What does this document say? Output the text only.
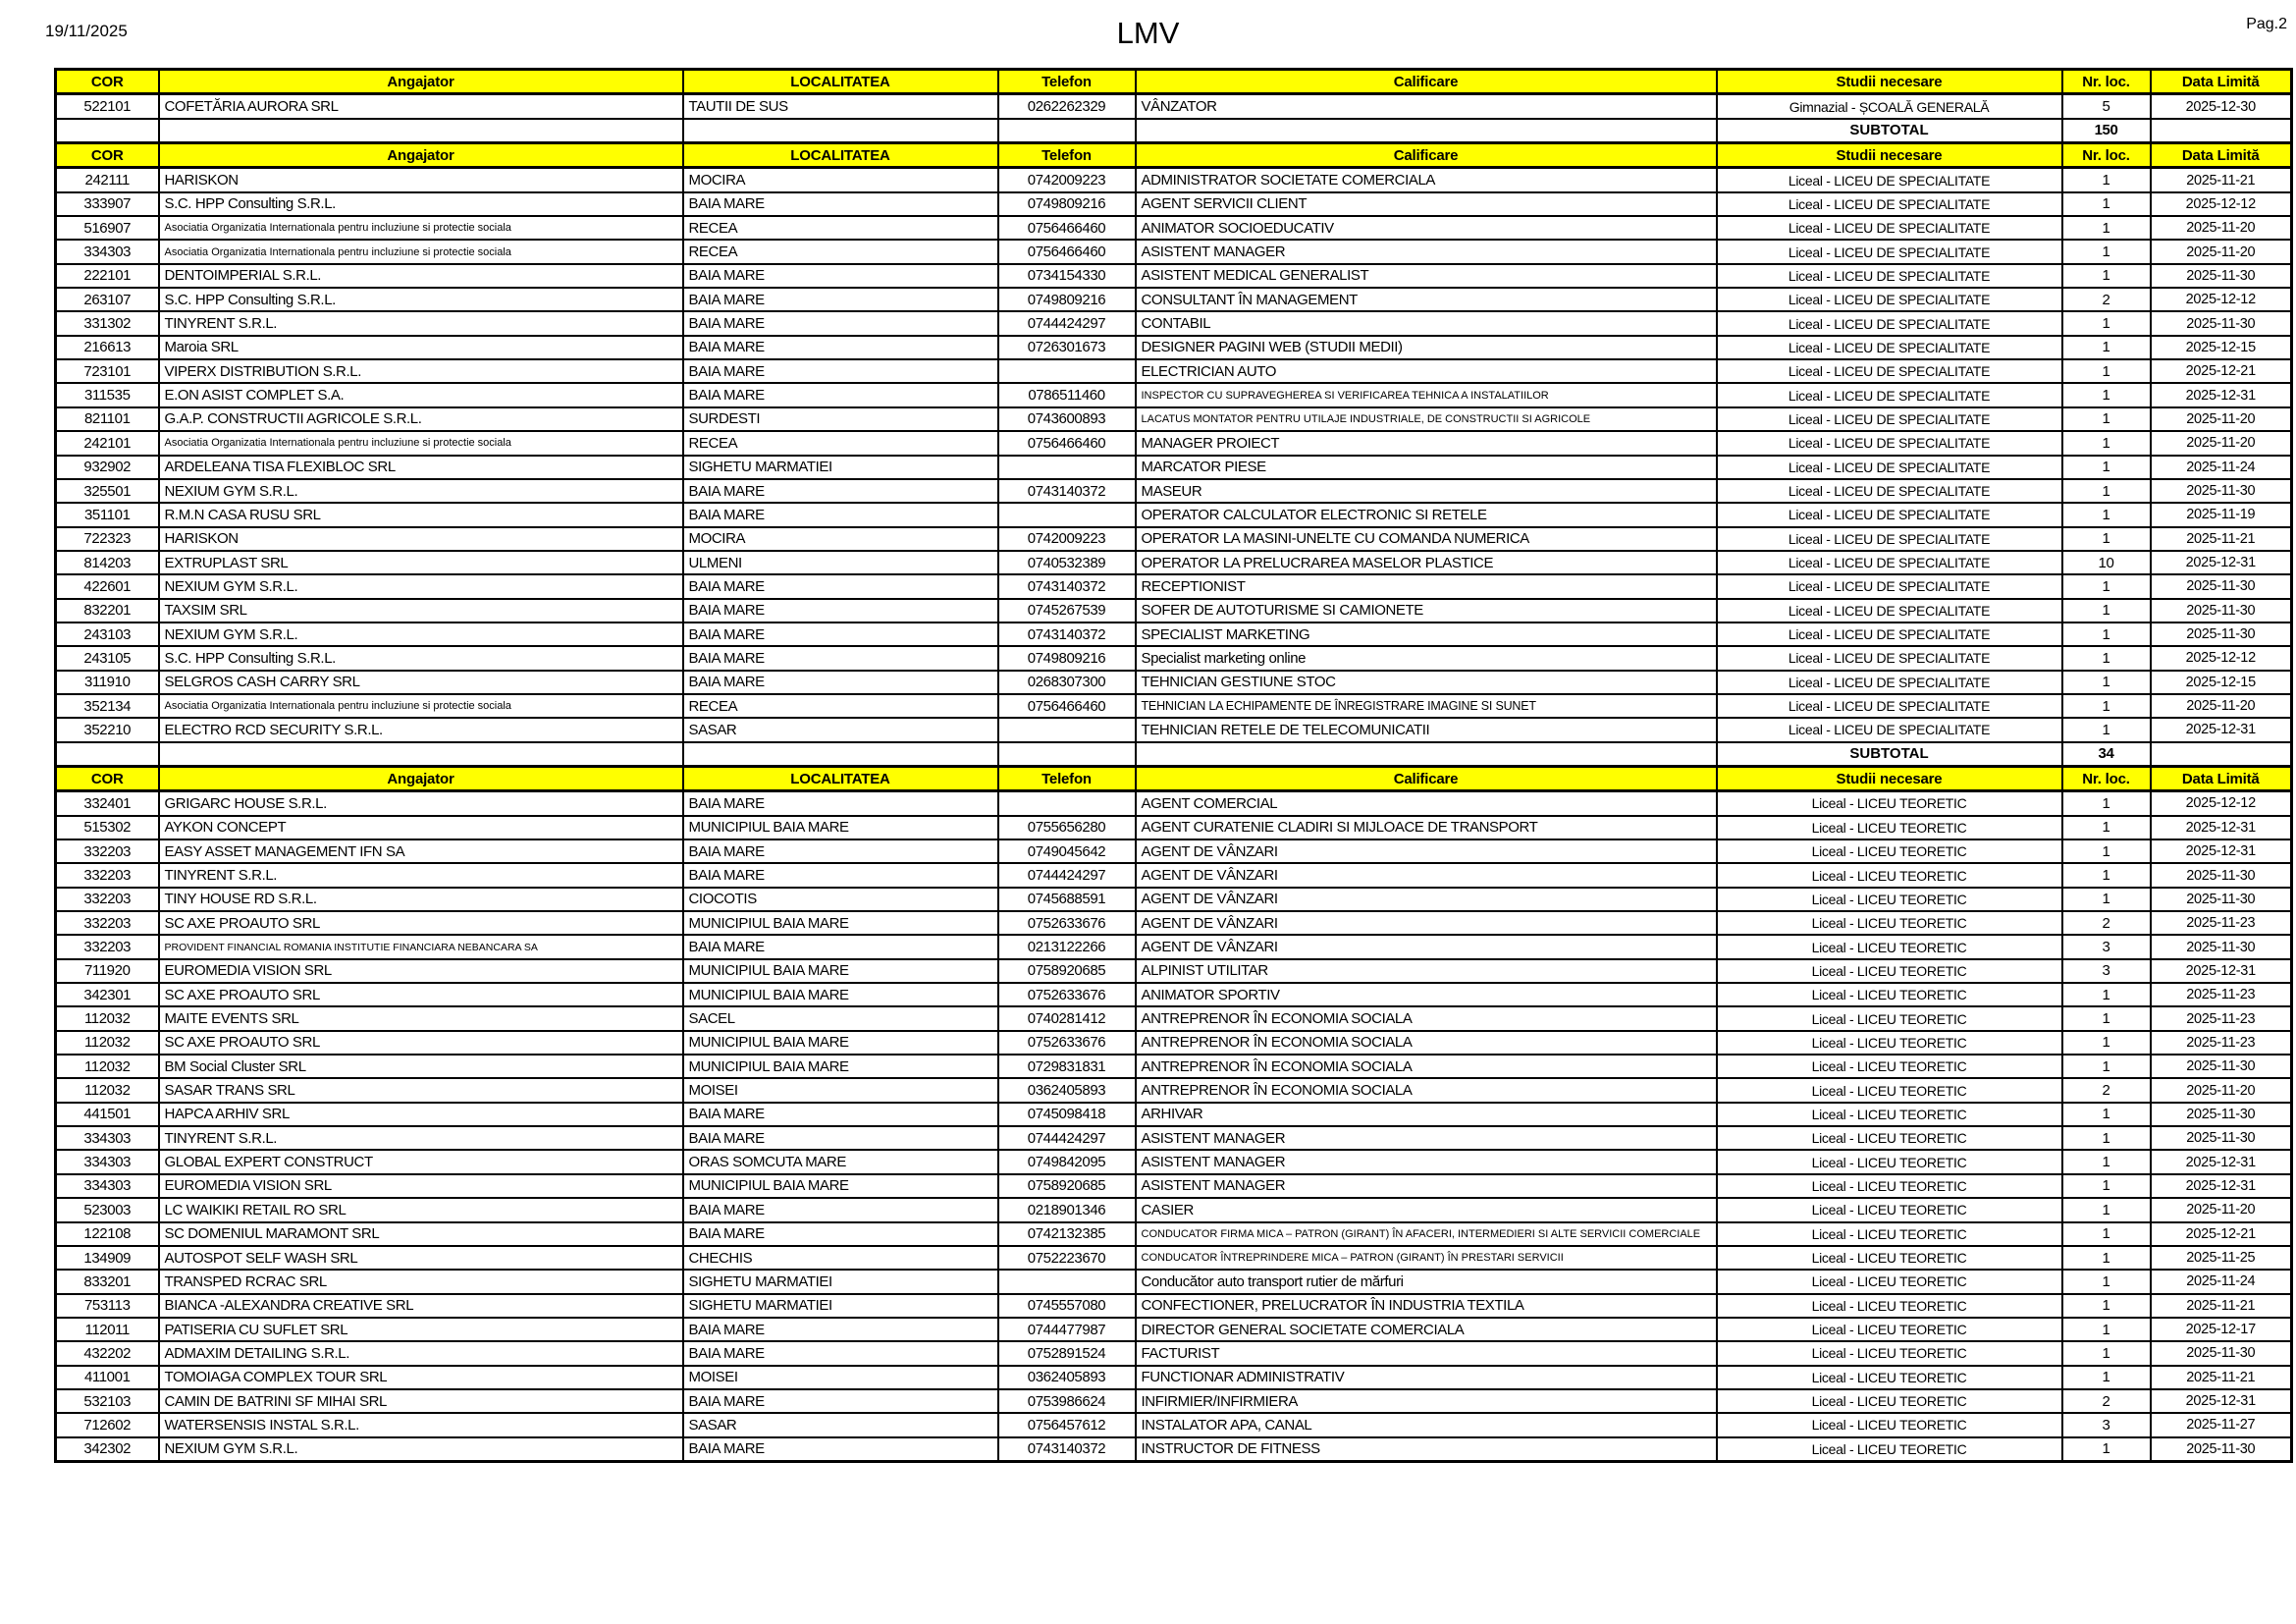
19/11/2025	LMV	Pag.2
COR	Angajator	LOCALITATEA	Telefon	Calificare	Studii necesare	Nr. loc.	Data Limită
522101	COFETĂRIA AURORA SRL	TAUTII DE SUS	0262262329	VÂNZATOR	Gimnazial - ȘCOALĂ GENERALĂ	5	2025-12-30
					SUBTOTAL	150	
COR	Angajator	LOCALITATEA	Telefon	Calificare	Studii necesare	Nr. loc.	Data Limită
242111	HARISKON	MOCIRA	0742009223	ADMINISTRATOR SOCIETATE COMERCIALA	Liceal - LICEU DE SPECIALITATE	1	2025-11-21
333907	S.C. HPP Consulting S.R.L.	BAIA MARE	0749809216	AGENT SERVICII CLIENT	Liceal - LICEU DE SPECIALITATE	1	2025-12-12
516907	Asociatia Organizatia Internationala pentru incluziune si protectie sociala	RECEA	0756466460	ANIMATOR SOCIOEDUCATIV	Liceal - LICEU DE SPECIALITATE	1	2025-11-20
334303	Asociatia Organizatia Internationala pentru incluziune si protectie sociala	RECEA	0756466460	ASISTENT MANAGER	Liceal - LICEU DE SPECIALITATE	1	2025-11-20
222101	DENTOIMPERIAL S.R.L.	BAIA MARE	0734154330	ASISTENT MEDICAL GENERALIST	Liceal - LICEU DE SPECIALITATE	1	2025-11-30
263107	S.C. HPP Consulting S.R.L.	BAIA MARE	0749809216	CONSULTANT ÎN MANAGEMENT	Liceal - LICEU DE SPECIALITATE	2	2025-12-12
331302	TINYRENT S.R.L.	BAIA MARE	0744424297	CONTABIL	Liceal - LICEU DE SPECIALITATE	1	2025-11-30
216613	Maroia SRL	BAIA MARE	0726301673	DESIGNER PAGINI WEB (STUDII MEDII)	Liceal - LICEU DE SPECIALITATE	1	2025-12-15
723101	VIPERX DISTRIBUTION S.R.L.	BAIA MARE		ELECTRICIAN AUTO	Liceal - LICEU DE SPECIALITATE	1	2025-12-21
311535	E.ON ASIST COMPLET S.A.	BAIA MARE	0786511460	INSPECTOR CU SUPRAVEGHEREA SI VERIFICAREA TEHNICA A INSTALATIILOR	Liceal - LICEU DE SPECIALITATE	1	2025-12-31
821101	G.A.P. CONSTRUCTII AGRICOLE S.R.L.	SURDESTI	0743600893	LACATUS MONTATOR PENTRU UTILAJE INDUSTRIALE, DE CONSTRUCTII SI AGRICOLE	Liceal - LICEU DE SPECIALITATE	1	2025-11-20
242101	Asociatia Organizatia Internationala pentru incluziune si protectie sociala	RECEA	0756466460	MANAGER PROIECT	Liceal - LICEU DE SPECIALITATE	1	2025-11-20
932902	ARDELEANA TISA FLEXIBLOC SRL	SIGHETU MARMATIEI		MARCATOR PIESE	Liceal - LICEU DE SPECIALITATE	1	2025-11-24
325501	NEXIUM GYM S.R.L.	BAIA MARE	0743140372	MASEUR	Liceal - LICEU DE SPECIALITATE	1	2025-11-30
351101	R.M.N CASA RUSU SRL	BAIA MARE		OPERATOR CALCULATOR ELECTRONIC SI RETELE	Liceal - LICEU DE SPECIALITATE	1	2025-11-19
722323	HARISKON	MOCIRA	0742009223	OPERATOR LA MASINI-UNELTE CU COMANDA NUMERICA	Liceal - LICEU DE SPECIALITATE	1	2025-11-21
814203	EXTRUPLAST SRL	ULMENI	0740532389	OPERATOR LA PRELUCRAREA MASELOR PLASTICE	Liceal - LICEU DE SPECIALITATE	10	2025-12-31
422601	NEXIUM GYM S.R.L.	BAIA MARE	0743140372	RECEPTIONIST	Liceal - LICEU DE SPECIALITATE	1	2025-11-30
832201	TAXSIM SRL	BAIA MARE	0745267539	SOFER DE AUTOTURISME SI CAMIONETE	Liceal - LICEU DE SPECIALITATE	1	2025-11-30
243103	NEXIUM GYM S.R.L.	BAIA MARE	0743140372	SPECIALIST MARKETING	Liceal - LICEU DE SPECIALITATE	1	2025-11-30
243105	S.C. HPP Consulting S.R.L.	BAIA MARE	0749809216	Specialist marketing online	Liceal - LICEU DE SPECIALITATE	1	2025-12-12
311910	SELGROS CASH CARRY SRL	BAIA MARE	0268307300	TEHNICIAN GESTIUNE STOC	Liceal - LICEU DE SPECIALITATE	1	2025-12-15
352134	Asociatia Organizatia Internationala pentru incluziune si protectie sociala	RECEA	0756466460	TEHNICIAN LA ECHIPAMENTE DE ÎNREGISTRARE IMAGINE SI SUNET	Liceal - LICEU DE SPECIALITATE	1	2025-11-20
352210	ELECTRO RCD SECURITY S.R.L.	SASAR		TEHNICIAN RETELE DE TELECOMUNICATII	Liceal - LICEU DE SPECIALITATE	1	2025-12-31
					SUBTOTAL	34	
COR	Angajator	LOCALITATEA	Telefon	Calificare	Studii necesare	Nr. loc.	Data Limită
332401	GRIGARC HOUSE S.R.L.	BAIA MARE		AGENT COMERCIAL	Liceal - LICEU TEORETIC	1	2025-12-12
515302	AYKON CONCEPT	MUNICIPIUL BAIA MARE	0755656280	AGENT CURATENIE CLADIRI SI MIJLOACE DE TRANSPORT	Liceal - LICEU TEORETIC	1	2025-12-31
332203	EASY ASSET MANAGEMENT IFN SA	BAIA MARE	0749045642	AGENT DE VÂNZARI	Liceal - LICEU TEORETIC	1	2025-12-31
332203	TINYRENT S.R.L.	BAIA MARE	0744424297	AGENT DE VÂNZARI	Liceal - LICEU TEORETIC	1	2025-11-30
332203	TINY HOUSE RD S.R.L.	CIOCOTIS	0745688591	AGENT DE VÂNZARI	Liceal - LICEU TEORETIC	1	2025-11-30
332203	SC AXE PROAUTO SRL	MUNICIPIUL BAIA MARE	0752633676	AGENT DE VÂNZARI	Liceal - LICEU TEORETIC	2	2025-11-23
332203	PROVIDENT FINANCIAL ROMANIA INSTITUTIE FINANCIARA NEBANCARA SA	BAIA MARE	0213122266	AGENT DE VÂNZARI	Liceal - LICEU TEORETIC	3	2025-11-30
711920	EUROMEDIA VISION SRL	MUNICIPIUL BAIA MARE	0758920685	ALPINIST UTILITAR	Liceal - LICEU TEORETIC	3	2025-12-31
342301	SC AXE PROAUTO SRL	MUNICIPIUL BAIA MARE	0752633676	ANIMATOR SPORTIV	Liceal - LICEU TEORETIC	1	2025-11-23
112032	MAITE EVENTS SRL	SACEL	0740281412	ANTREPRENOR ÎN ECONOMIA SOCIALA	Liceal - LICEU TEORETIC	1	2025-11-23
112032	SC AXE PROAUTO SRL	MUNICIPIUL BAIA MARE	0752633676	ANTREPRENOR ÎN ECONOMIA SOCIALA	Liceal - LICEU TEORETIC	1	2025-11-23
112032	BM Social Cluster SRL	MUNICIPIUL BAIA MARE	0729831831	ANTREPRENOR ÎN ECONOMIA SOCIALA	Liceal - LICEU TEORETIC	1	2025-11-30
112032	SASAR TRANS SRL	MOISEI	0362405893	ANTREPRENOR ÎN ECONOMIA SOCIALA	Liceal - LICEU TEORETIC	2	2025-11-20
441501	HAPCA ARHIV SRL	BAIA MARE	0745098418	ARHIVAR	Liceal - LICEU TEORETIC	1	2025-11-30
334303	TINYRENT S.R.L.	BAIA MARE	0744424297	ASISTENT MANAGER	Liceal - LICEU TEORETIC	1	2025-11-30
334303	GLOBAL EXPERT CONSTRUCT	ORAS SOMCUTA MARE	0749842095	ASISTENT MANAGER	Liceal - LICEU TEORETIC	1	2025-12-31
334303	EUROMEDIA VISION SRL	MUNICIPIUL BAIA MARE	0758920685	ASISTENT MANAGER	Liceal - LICEU TEORETIC	1	2025-12-31
523003	LC WAIKIKI RETAIL RO SRL	BAIA MARE	0218901346	CASIER	Liceal - LICEU TEORETIC	1	2025-11-20
122108	SC DOMENIUL MARAMONT SRL	BAIA MARE	0742132385	CONDUCATOR FIRMA MICA – PATRON (GIRANT) ÎN AFACERI, INTERMEDIERI SI ALTE SERVICII COMERCIALE	Liceal - LICEU TEORETIC	1	2025-12-21
134909	AUTOSPOT SELF WASH SRL	CHECHIS	0752223670	CONDUCATOR ÎNTREPRINDERE MICA – PATRON (GIRANT) ÎN PRESTARI SERVICII	Liceal - LICEU TEORETIC	1	2025-11-25
833201	TRANSPED RCRAC SRL	SIGHETU MARMATIEI		Conducător auto transport rutier de mărfuri	Liceal - LICEU TEORETIC	1	2025-11-24
753113	BIANCA -ALEXANDRA CREATIVE SRL	SIGHETU MARMATIEI	0745557080	CONFECTIONER, PRELUCRATOR ÎN INDUSTRIA TEXTILA	Liceal - LICEU TEORETIC	1	2025-11-21
112011	PATISERIA CU SUFLET SRL	BAIA MARE	0744477987	DIRECTOR GENERAL SOCIETATE COMERCIALA	Liceal - LICEU TEORETIC	1	2025-12-17
432202	ADMAXIM DETAILING S.R.L.	BAIA MARE	0752891524	FACTURIST	Liceal - LICEU TEORETIC	1	2025-11-30
411001	TOMOIAGA COMPLEX TOUR SRL	MOISEI	0362405893	FUNCTIONAR ADMINISTRATIV	Liceal - LICEU TEORETIC	1	2025-11-21
532103	CAMIN DE BATRINI SF MIHAI SRL	BAIA MARE	0753986624	INFIRMIER/INFIRMIERA	Liceal - LICEU TEORETIC	2	2025-12-31
712602	WATERSENSIS INSTAL S.R.L.	SASAR	0756457612	INSTALATOR APA, CANAL	Liceal - LICEU TEORETIC	3	2025-11-27
342302	NEXIUM GYM S.R.L.	BAIA MARE	0743140372	INSTRUCTOR DE FITNESS	Liceal - LICEU TEORETIC	1	2025-11-30
